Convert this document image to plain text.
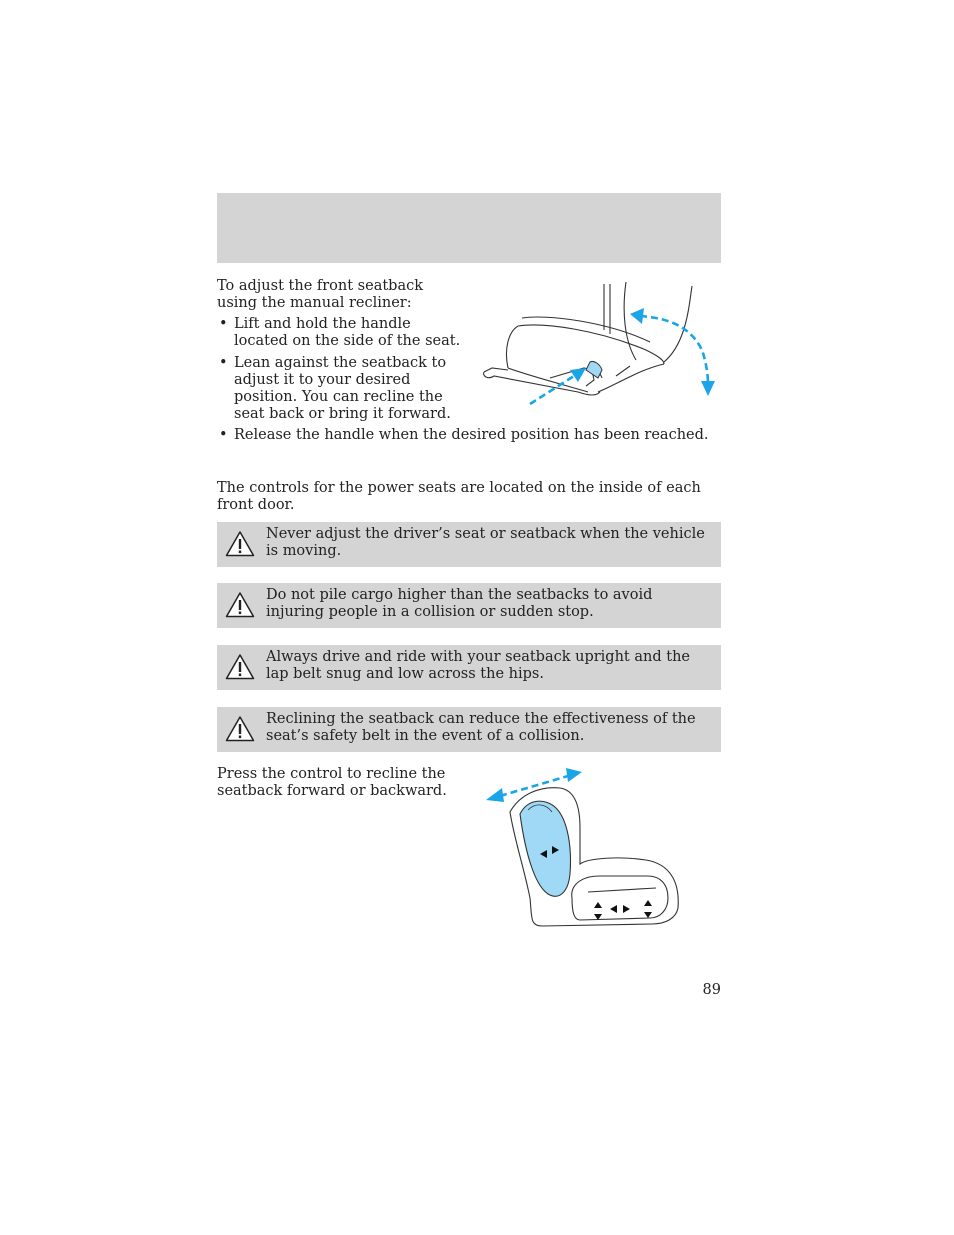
To adjust the front seatback using the manual recliner:

• Lift and hold the handle located on the side of the seat.
• Lean against the seatback to adjust it to your desired position. You can recline the seat back or bring it forward.

• Release the handle when the desired position has been reached.

The controls for the power seats are located on the inside of each front door.

Never adjust the driver’s seat or seatback when the vehicle is moving.

Do not pile cargo higher than the seatbacks to avoid injuring people in a collision or sudden stop.

Always drive and ride with your seatback upright and the lap belt snug and low across the hips.

Reclining the seatback can reduce the effectiveness of the seat’s safety belt in the event of a collision.

Press the control to recline the seatback forward or backward.

89
